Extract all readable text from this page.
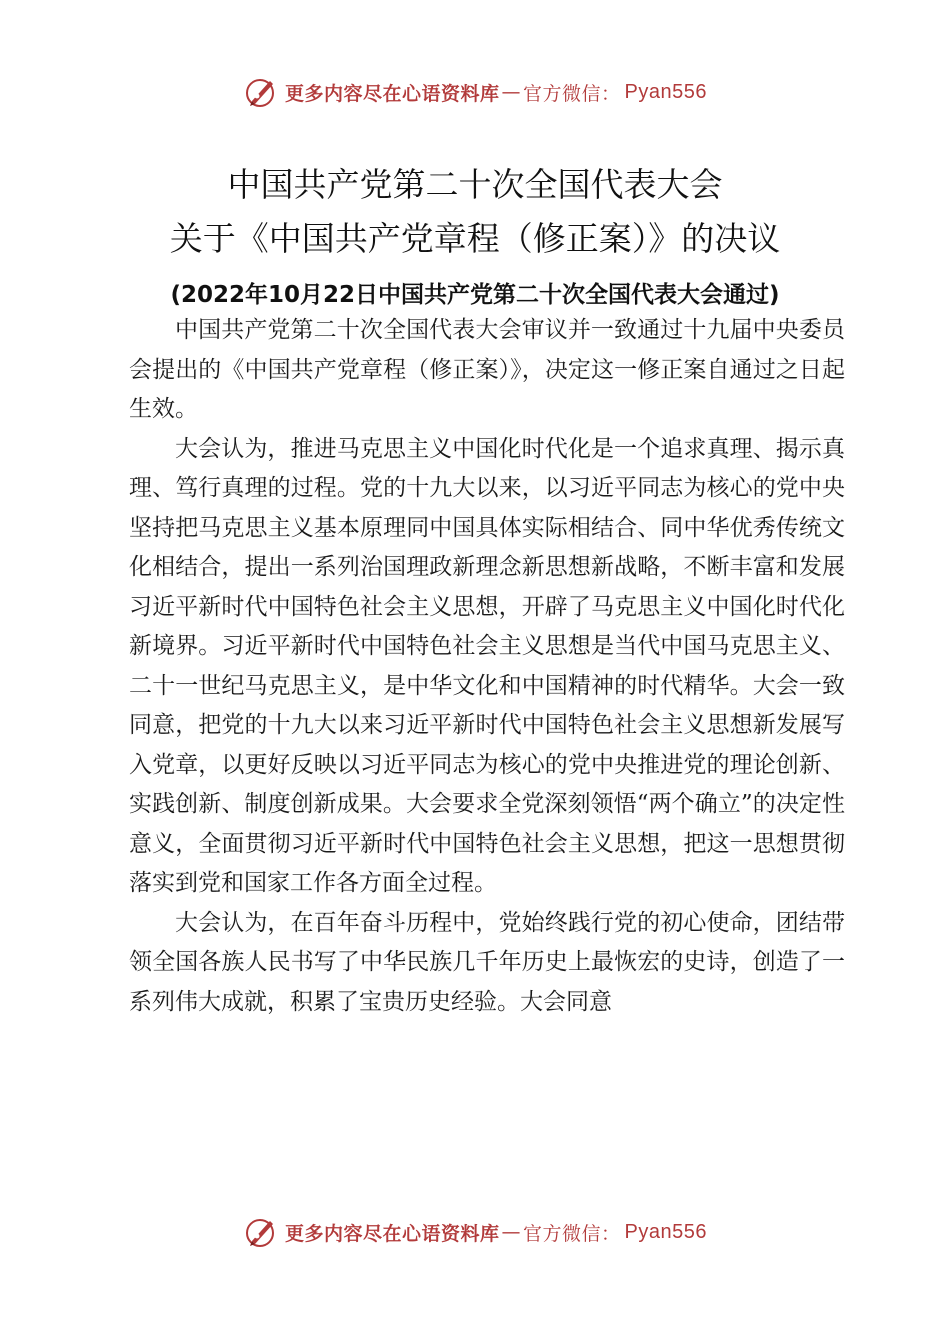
更多内容尽在心语资料库 — 官方微信： Pyan556
中国共产党第二十次全国代表大会
关于《中国共产党章程（修正案）》的决议
(2022年10月22日中国共产党第二十次全国代表大会通过)

中国共产党第二十次全国代表大会审议并一致通过十九届中央委员会提出的《中国共产党章程（修正案）》，决定这一修正案自通过之日起生效。

大会认为，推进马克思主义中国化时代化是一个追求真理、揭示真理、笃行真理的过程。党的十九大以来，以习近平同志为核心的党中央坚持把马克思主义基本原理同中国具体实际相结合、同中华优秀传统文化相结合，提出一系列治国理政新理念新思想新战略，不断丰富和发展习近平新时代中国特色社会主义思想，开辟了马克思主义中国化时代化新境界。习近平新时代中国特色社会主义思想是当代中国马克思主义、二十一世纪马克思主义，是中华文化和中国精神的时代精华。大会一致同意，把党的十九大以来习近平新时代中国特色社会主义思想新发展写入党章，以更好反映以习近平同志为核心的党中央推进党的理论创新、实践创新、制度创新成果。大会要求全党深刻领悟“两个确立”的决定性意义，全面贯彻习近平新时代中国特色社会主义思想，把这一思想贯彻落实到党和国家工作各方面全过程。

大会认为，在百年奋斗历程中，党始终践行党的初心使命，团结带领全国各族人民书写了中华民族几千年历史上最恢宏的史诗，创造了一系列伟大成就，积累了宝贵历史经验。大会同意

更多内容尽在心语资料库 — 官方微信： Pyan556
